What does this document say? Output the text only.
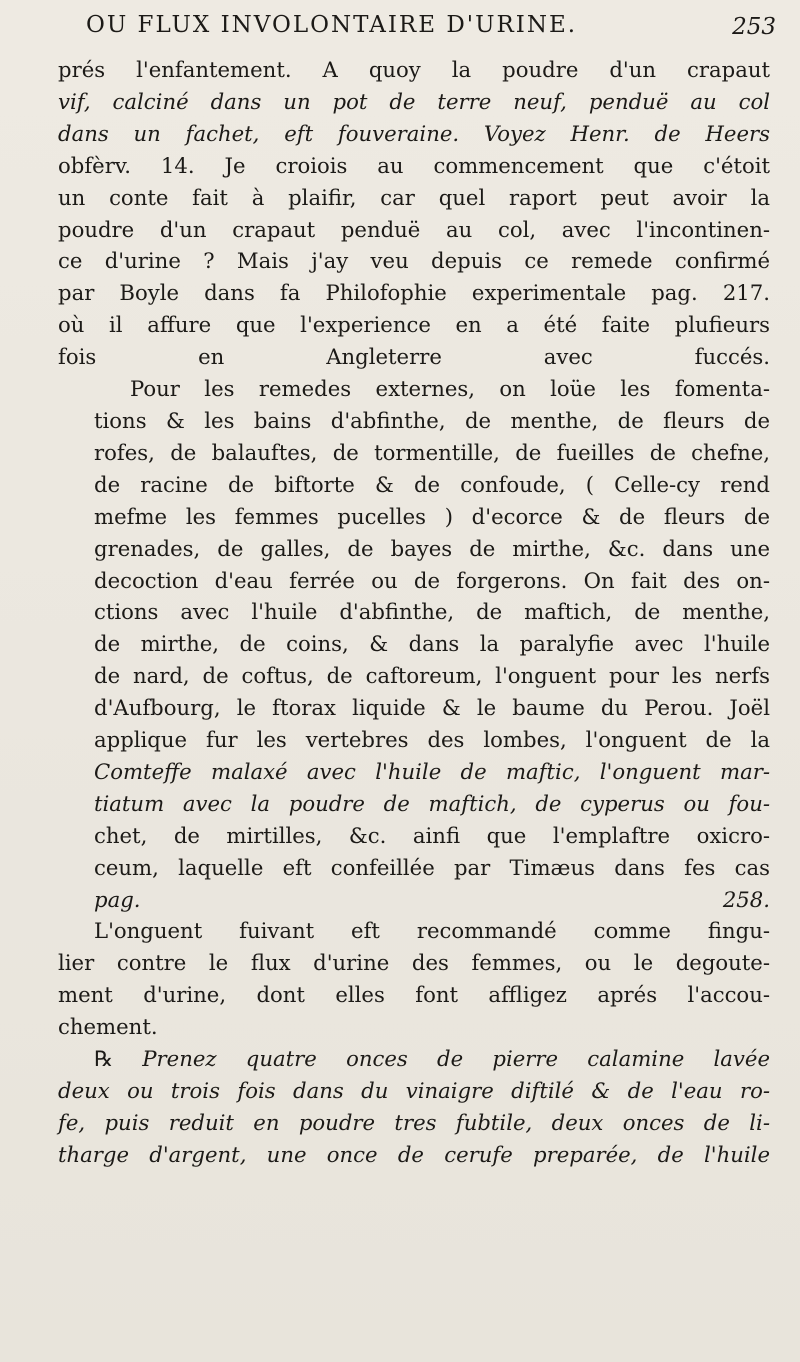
OU FLUX INVOLONTAIRE D'URINE.	253

prés l'enfantement. A quoy la poudre d'un crapaut
vif, calciné dans un pot de terre neuf, penduë au col
dans un fachet, eft fouveraine. Voyez Henr. de Heers
obfèrv. 14. Je croiois au commencement que c'étoit
un conte fait à plaifir, car quel raport peut avoir la
poudre d'un crapaut penduë au col, avec l'incontinen-
ce d'urine ? Mais j'ay veu depuis ce remede confirmé
par Boyle dans fa Philofophie experimentale pag. 217.
où il affure que l'experience en a été faite plufieurs
fois en Angleterre avec fuccés.

Pour les remedes externes, on loüe les fomenta-
tions & les bains d'abfinthe, de menthe, de fleurs de
rofes, de balauftes, de tormentille, de fueilles de chefne,
de racine de biftorte & de confoude, ( Celle-cy rend
mefme les femmes pucelles ) d'ecorce & de fleurs de
grenades, de galles, de bayes de mirthe, &c. dans une
decoction d'eau ferrée ou de forgerons. On fait des on-
ctions avec l'huile d'abfinthe, de maftich, de menthe,
de mirthe, de coins, & dans la paralyfie avec l'huile
de nard, de coftus, de caftoreum, l'onguent pour les nerfs
d'Aufbourg, le ftorax liquide & le baume du Perou. Joël
applique fur les vertebres des lombes, l'onguent de la
Comteffe malaxé avec l'huile de maftic, l'onguent mar-
tiatum avec la poudre de maftich, de cyperus ou fou-
chet, de mirtilles, &c. ainfi que l'emplaftre oxicro-
ceum, laquelle eft confeillée par Timæus dans fes cas
pag. 258.

L'onguent fuivant eft recommandé comme fingu-
lier contre le flux d'urine des femmes, ou le degoute-
ment d'urine, dont elles font affligez aprés l'accou-
chement.

℞ Prenez quatre onces de pierre calamine lavée
deux ou trois fois dans du vinaigre diftilé & de l'eau ro-
fe, puis reduit en poudre tres fubtile, deux onces de li-
tharge d'argent, une once de cerufe preparée, de l'huile
